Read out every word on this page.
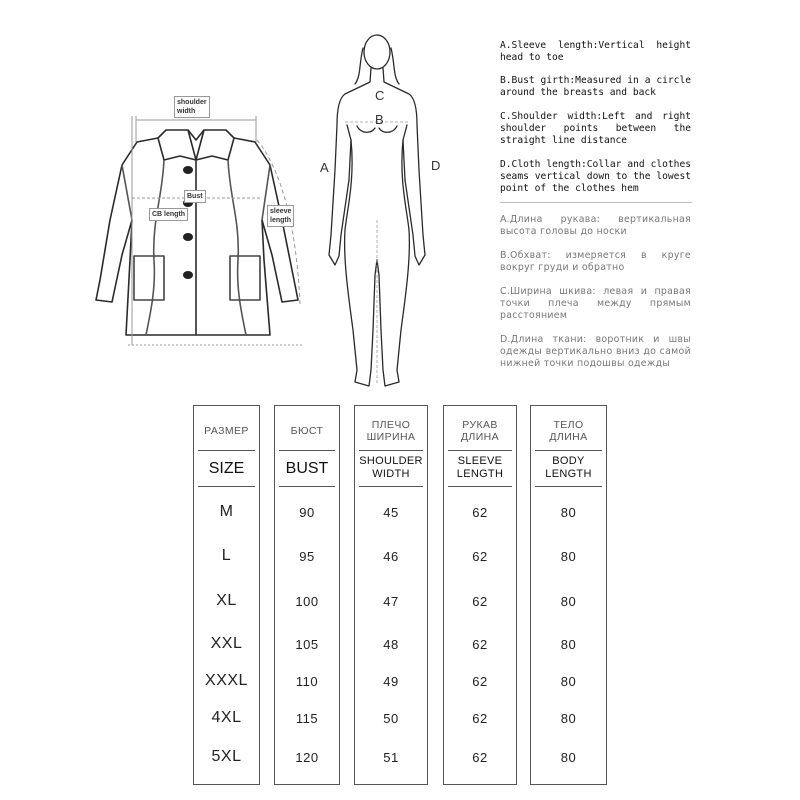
shoulder
width
Bust
CB length	sleeve
length
A
B
C
D
A.Sleeve length:Vertical height head to toe
B.Bust girth:Measured in a circle around the breasts and back
C.Shoulder width:Left and right shoulder points between the straight line distance
D.Cloth length:Collar and clothes seams vertical down to the lowest point of the clothes hem
A.Длина рукава: вертикальная высота головы до носки
B.Обхват: измеряется в круге вокруг груди и обратно
C.Ширина шкива: левая и правая точки плеча между прямым расстоянием
D.Длина ткани: воротник и швы одежды вертикально вниз до самой нижней точки подошвы одежды
РАЗМЕР
SIZE
M
L
XL
XXL
XXXL
4XL
5XL
БЮСТ
BUST
90
95
100
105
110
115
120
ПЛЕЧО
ШИРИНА
SHOULDER
WIDTH
45
46
47
48
49
50
51
РУКАВ
ДЛИНА
SLEEVE
LENGTH
62
62
62
62
62
62
62
ТЕЛО
ДЛИНА
BODY
LENGTH
80
80
80
80
80
80
80
